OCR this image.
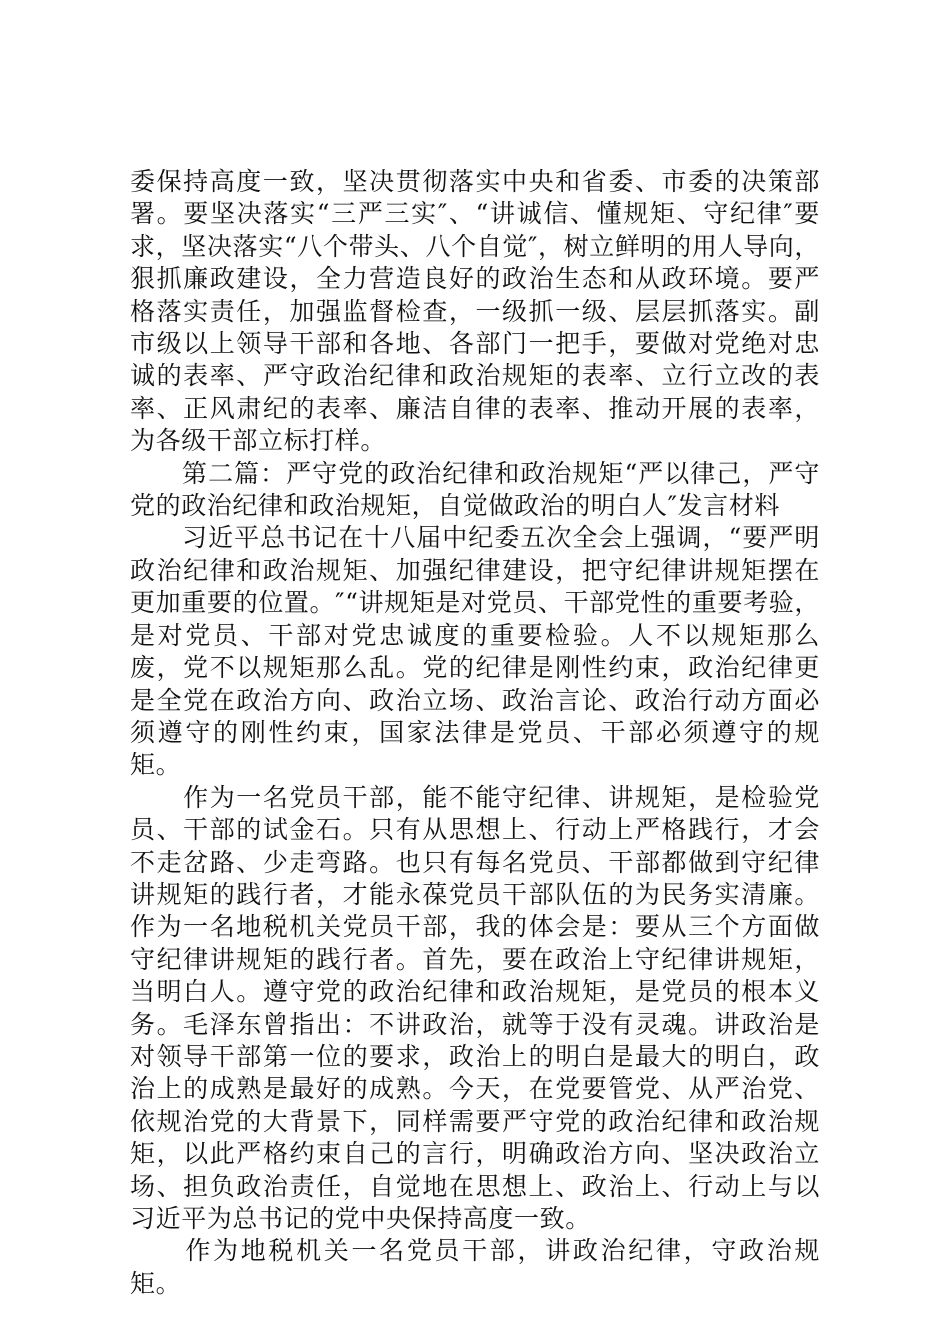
委保持高度一致，坚决贯彻落实中央和省委、市委的决策部署。要坚决落实“三严三实″、“讲诚信、懂规矩、守纪律″要求，坚决落实“八个带头、八个自觉″，树立鲜明的用人导向，狠抓廉政建设，全力营造良好的政治生态和从政环境。要严格落实责任，加强监督检查，一级抓一级、层层抓落实。副市级以上领导干部和各地、各部门一把手，要做对党绝对忠诚的表率、严守政治纪律和政治规矩的表率、立行立改的表率、正风肃纪的表率、廉洁自律的表率、推动开展的表率，为各级干部立标打样。

　　第二篇：严守党的政治纪律和政治规矩“严以律己，严守党的政治纪律和政治规矩，自觉做政治的明白人″发言材料

　　习近平总书记在十八届中纪委五次全会上强调，“要严明政治纪律和政治规矩、加强纪律建设，把守纪律讲规矩摆在更加重要的位置。″“讲规矩是对党员、干部党性的重要考验，是对党员、干部对党忠诚度的重要检验。人不以规矩那么废，党不以规矩那么乱。党的纪律是刚性约束，政治纪律更是全党在政治方向、政治立场、政治言论、政治行动方面必须遵守的刚性约束，国家法律是党员、干部必须遵守的规矩。

　　作为一名党员干部，能不能守纪律、讲规矩，是检验党员、干部的试金石。只有从思想上、行动上严格践行，才会不走岔路、少走弯路。也只有每名党员、干部都做到守纪律讲规矩的践行者，才能永葆党员干部队伍的为民务实清廉。作为一名地税机关党员干部，我的体会是：要从三个方面做守纪律讲规矩的践行者。首先，要在政治上守纪律讲规矩，当明白人。遵守党的政治纪律和政治规矩，是党员的根本义务。毛泽东曾指出：不讲政治，就等于没有灵魂。讲政治是对领导干部第一位的要求，政治上的明白是最大的明白，政治上的成熟是最好的成熟。今天，在党要管党、从严治党、依规治党的大背景下，同样需要严守党的政治纪律和政治规矩，以此严格约束自己的言行，明确政治方向、坚决政治立场、担负政治责任，自觉地在思想上、政治上、行动上与以习近平为总书记的党中央保持高度一致。

　　作为地税机关一名党员干部，讲政治纪律，守政治规矩。
